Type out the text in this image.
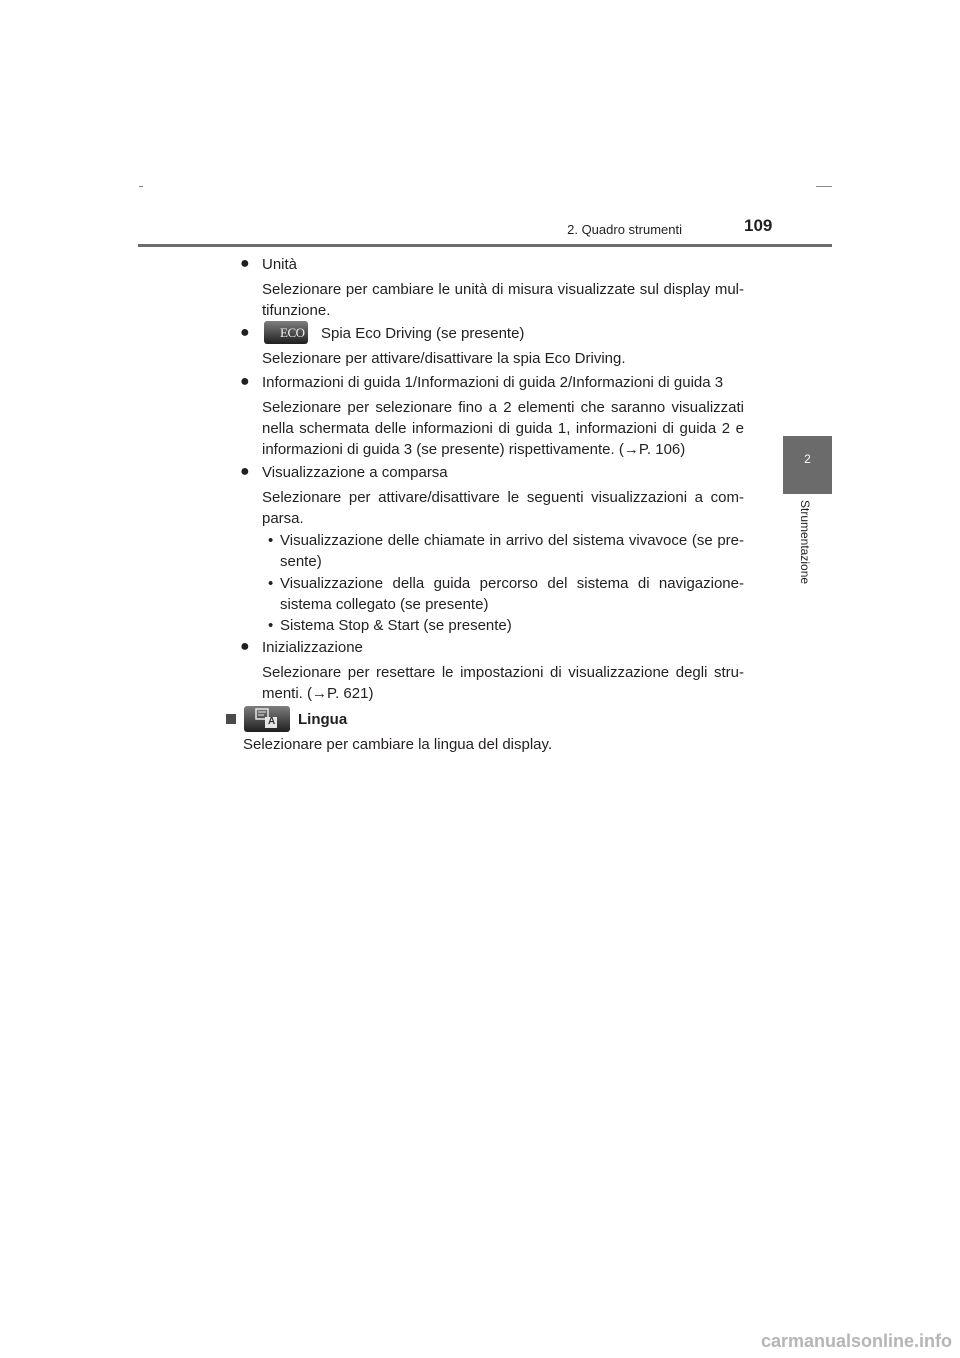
2. Quadro strumenti	109
2
Strumentazione
● Unità
Selezionare per cambiare le unità di misura visualizzate sul display mul-
tifunzione.
● ECO Spia Eco Driving (se presente)
Selezionare per attivare/disattivare la spia Eco Driving.
● Informazioni di guida 1/Informazioni di guida 2/Informazioni di guida 3
Selezionare per selezionare fino a 2 elementi che saranno visualizzati
nella schermata delle informazioni di guida 1, informazioni di guida 2 e
informazioni di guida 3 (se presente) rispettivamente. (→P. 106)
● Visualizzazione a comparsa
Selezionare per attivare/disattivare le seguenti visualizzazioni a com-
parsa.
• Visualizzazione delle chiamate in arrivo del sistema vivavoce (se pre-
sente)
• Visualizzazione della guida percorso del sistema di navigazione-
sistema collegato (se presente)
• Sistema Stop & Start (se presente)
● Inizializzazione
Selezionare per resettare le impostazioni di visualizzazione degli stru-
menti. (→P. 621)
A Lingua
Selezionare per cambiare la lingua del display.
carmanualsonline.info
